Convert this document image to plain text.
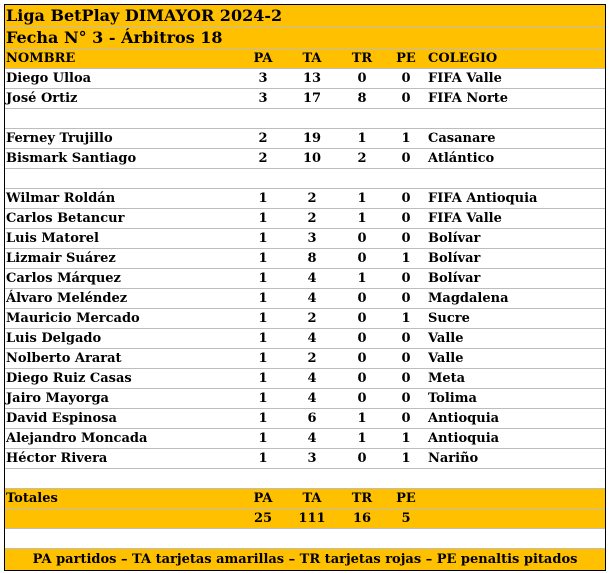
Liga BetPlay DIMAYOR 2024-2					
Fecha N° 3 - Árbitros 18					
NOMBRE	PA	TA	TR	PE	COLEGIO
Diego Ulloa	3	13	0	0	FIFA Valle
José Ortiz	3	17	8	0	FIFA Norte

Ferney Trujillo	2	19	1	1	Casanare
Bismark Santiago	2	10	2	0	Atlántico

Wilmar Roldán	1	2	1	0	FIFA Antioquia
Carlos Betancur	1	2	1	0	FIFA Valle
Luis Matorel	1	3	0	0	Bolívar
Lizmair Suárez	1	8	0	1	Bolívar
Carlos Márquez	1	4	1	0	Bolívar
Álvaro Meléndez	1	4	0	0	Magdalena
Mauricio Mercado	1	2	0	1	Sucre
Luis Delgado	1	4	0	0	Valle
Nolberto Ararat	1	2	0	0	Valle
Diego Ruiz Casas	1	4	0	0	Meta
Jairo Mayorga	1	4	0	0	Tolima
David Espinosa	1	6	1	0	Antioquia
Alejandro Moncada	1	4	1	1	Antioquia
Héctor Rivera	1	3	0	1	Nariño

Totales	PA	TA	TR	PE	
	25	111	16	5	

PA partidos – TA tarjetas amarillas – TR tarjetas rojas – PE penaltis pitados					
